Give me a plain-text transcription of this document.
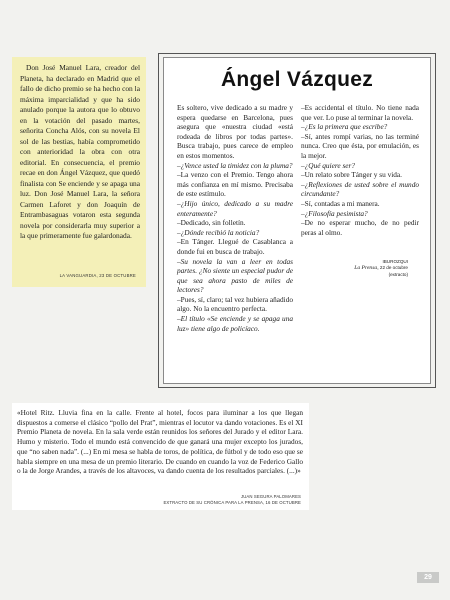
Don José Manuel Lara, creador del Planeta, ha declarado en Madrid que el fallo de dicho premio se ha hecho con la máxima imparcialidad y que ha sido anulado porque la autora que lo obtuvo en la votación del pasado martes, señorita Concha Alós, con su novela El sol de las bestias, había comprometido con anterioridad la obra con otra editorial. En consecuencia, el premio recae en don Ángel Vázquez, que quedó finalista con Se enciende y se apaga una luz. Don José Manuel Lara, la señora Carmen Laforet y don Joaquín de Entrambasaguas votaron esta segunda novela por considerarla muy superior a la que primeramente fue galardonada.

LA VANGUARDIA, 23 DE OCTUBRE
Ángel Vázquez

Es soltero, vive dedicado a su madre y espera quedarse en Barcelona, pues asegura que «nuestra ciudad «está rodeada de libros por todas partes». Busca trabajo, pues carece de empleo en estos momentos.

–¿Vence usted la timidez con la pluma?

–La venzo con el Premio. Tengo ahora más confianza en mí mismo. Precisaba de este estímulo.

–¿Hijo único, dedicado a su madre enteramente?

–Dedicado, sin folletín.

–¿Dónde recibió la noticia?

–En Tánger. Llegué de Casablanca a donde fui en busca de trabajo.

–Su novela la van a leer en todas partes. ¿No siente un especial pudor de que sea ahora pasto de miles de lectores?

–Pues, sí, claro; tal vez hubiera añadido algo. No la encuentro perfecta.

–El título «Se enciende y se apaga una luz» tiene algo de policíaco.

–Es accidental el título. No tiene nada que ver. Lo puse al terminar la novela.

–¿Es la primera que escribe?

–Sí, antes rompí varias, no las terminé nunca. Creo que ésta, por emulación, es la mejor.

–¿Qué quiere ser?

–Un relato sobre Tánger y su vida.

–¿Reflexiones de usted sobre el mundo circundante?

–Sí, contadas a mi manera.

–¿Filosofía pesimista?

–De no esperar mucho, de no pedir peras al olmo.

IBUROZQUI
La Prensa, 22 de octubre
(extracto)

«Hotel Ritz. Lluvia fina en la calle. Frente al hotel, focos para iluminar a los que llegan dispuestos a comerse el clásico “pollo del Prat”, mientras el locutor va dando votaciones. Es el XI Premio Planeta de novela. En la sala verde están reunidos los señores del Jurado y el editor Lara. Humo y misterio. Todo el mundo está convencido de que ganará una mujer excepto los jurados, que “no saben nada”. (...) En mi mesa se habla de toros, de política, de fútbol y de todo eso que se habla siempre en una mesa de un premio literario. De cuando en cuando la voz de Federico Gallo o la de Jorge Arandes, a través de los altavoces, va dando cuenta de los resultados parciales. (...)»

JUAN SEGURA PALOMARES
EXTRACTO DE SU CRÓNICA PARA LA PRENSA, 16 DE OCTUBRE
29
